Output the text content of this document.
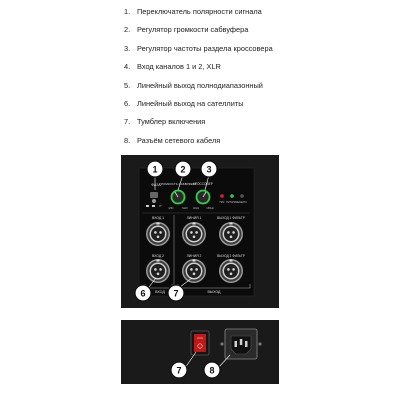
1. Переключатель полярности сигнала
2. Регулятор громкости сабвуфера
3. Регулятор частоты раздела кроссовера
4. Вход каналов 1 и 2, XLR
5. Линейный выход полнодиапазонный
6. Линейный выход на сателлиты
7. Тумблер включения
8. Разъём сетевого кабеля
ФАЗА
0°
ГРОМКОСТЬ САБВУФЕРА
MIN	MAX
КРОССОВЕР
40Hz	150Hz
ПИК ПИТАНИЕ ЗАЩИТА
ВХОД 1	ЛИНИЯ 1	ВЫХОД 1 ФИЛЬТР
ВХОД 2	ЛИНИЯ 2	ВЫХОД 2 ФИЛЬТР
ВХОД	ВЫХОД
1	2 3
6	7
7	8
